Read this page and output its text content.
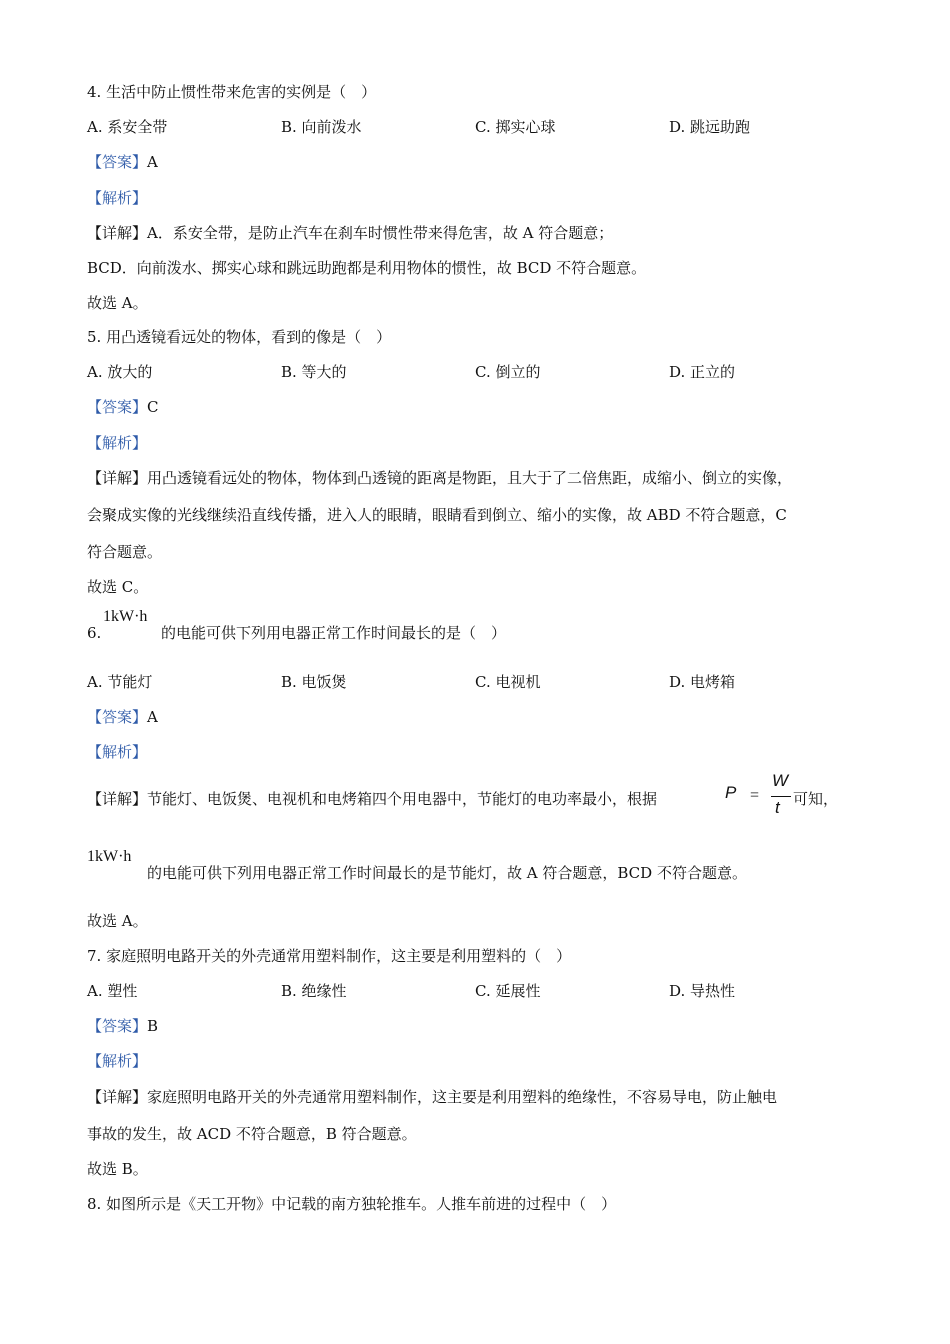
4. 生活中防止惯性带来危害的实例是（　）
A. 系安全带	B. 向前泼水	C. 掷实心球	D. 跳远助跑
【答案】A
【解析】
【详解】A．系安全带，是防止汽车在刹车时惯性带来得危害，故 A 符合题意；
BCD．向前泼水、掷实心球和跳远助跑都是利用物体的惯性，故 BCD 不符合题意。
故选 A。
5. 用凸透镜看远处的物体，看到的像是（　）
A. 放大的	B. 等大的	C. 倒立的	D. 正立的
【答案】C
【解析】
【详解】用凸透镜看远处的物体，物体到凸透镜的距离是物距，且大于了二倍焦距，成缩小、倒立的实像，
会聚成实像的光线继续沿直线传播，进入人的眼睛，眼睛看到倒立、缩小的实像，故 ABD 不符合题意，C
符合题意。
故选 C。
6.
1kW·h
的电能可供下列用电器正常工作时间最长的是（　）
A. 节能灯	B. 电饭煲	C. 电视机	D. 电烤箱
【答案】A
【解析】
【详解】节能灯、电饭煲、电视机和电烤箱四个用电器中，节能灯的电功率最小，根据	P =
W
t 可知，
1kW·h
的电能可供下列用电器正常工作时间最长的是节能灯，故 A 符合题意，BCD 不符合题意。
故选 A。
7. 家庭照明电路开关的外壳通常用塑料制作，这主要是利用塑料的（　）
A. 塑性	B. 绝缘性	C. 延展性	D. 导热性
【答案】B
【解析】
【详解】家庭照明电路开关的外壳通常用塑料制作，这主要是利用塑料的绝缘性，不容易导电，防止触电
事故的发生，故 ACD 不符合题意，B 符合题意。
故选 B。
8. 如图所示是《天工开物》中记载的南方独轮推车。人推车前进的过程中（　）
